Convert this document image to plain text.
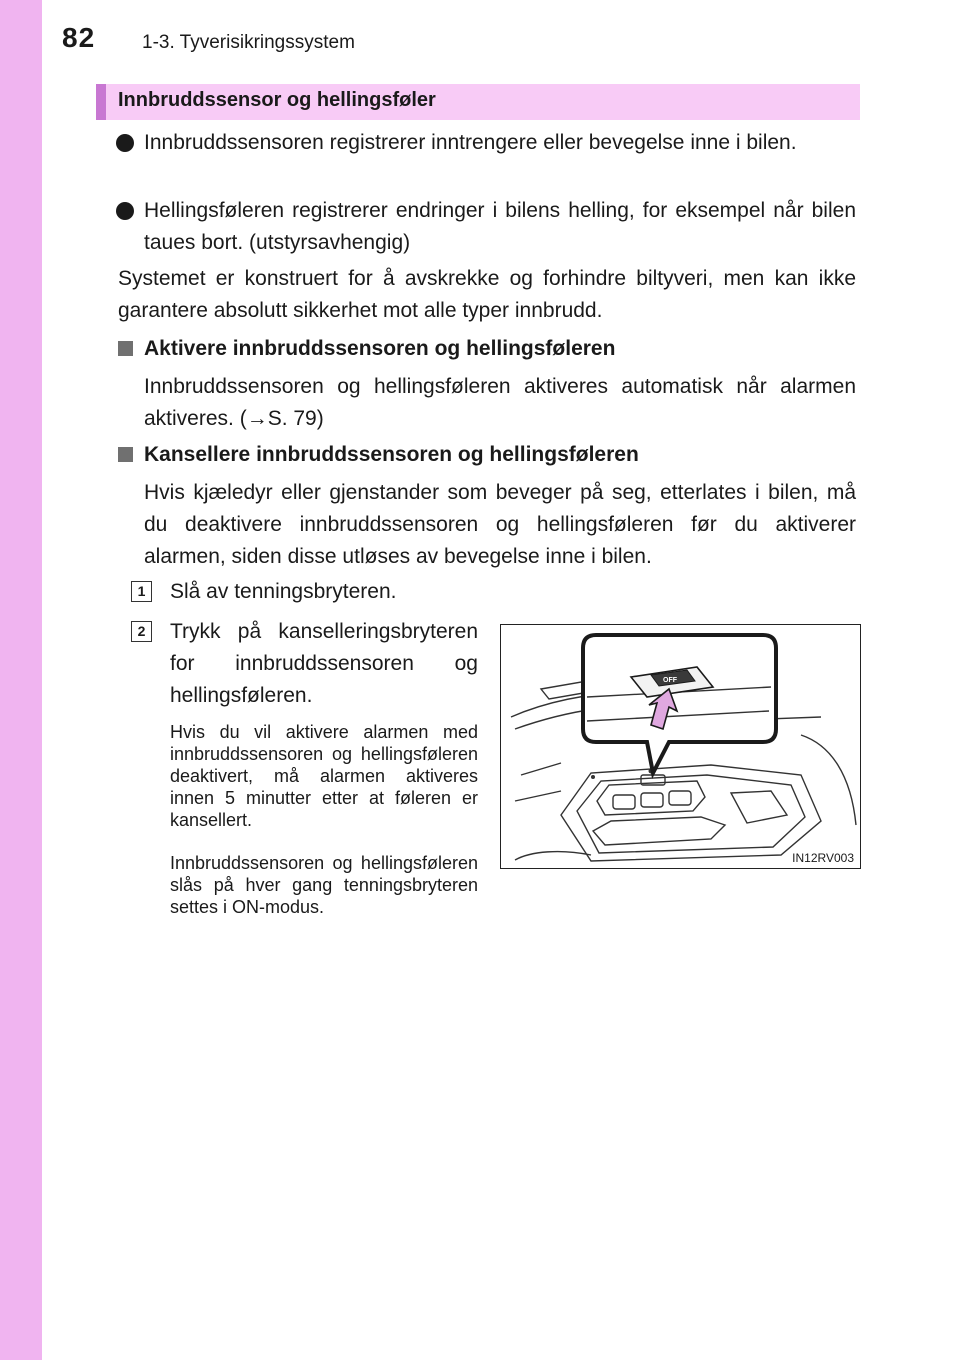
82 1-3. Tyverisikringssystem
Innbruddssensor og hellingsføler
Innbruddssensoren registrerer inntrengere eller bevegelse inne i bilen.
Hellingsføleren registrerer endringer i bilens helling, for eksempel når bilen taues bort. (utstyrsavhengig)
Systemet er konstruert for å avskrekke og forhindre biltyveri, men kan ikke garantere absolutt sikkerhet mot alle typer innbrudd.
Aktivere innbruddssensoren og hellingsføleren
Innbruddssensoren og hellingsføleren aktiveres automatisk når alarmen aktiveres. (→S. 79)
Kansellere innbruddssensoren og hellingsføleren
Hvis kjæledyr eller gjenstander som beveger på seg, etterlates i bilen, må du deaktivere innbruddssensoren og hellingsføleren før du aktiverer alarmen, siden disse utløses av bevegelse inne i bilen.
1	Slå av tenningsbryteren.
2	Trykk på kanselleringsbryteren for innbruddssensoren og hellingsføleren.
Hvis du vil aktivere alarmen med innbruddssensoren og hellingsføleren deaktivert, må alarmen aktiveres innen 5 minutter etter at føleren er kansellert.
Innbruddssensoren og hellingsføleren slås på hver gang tenningsbryteren settes i ON-modus.
OFF
IN12RV003
